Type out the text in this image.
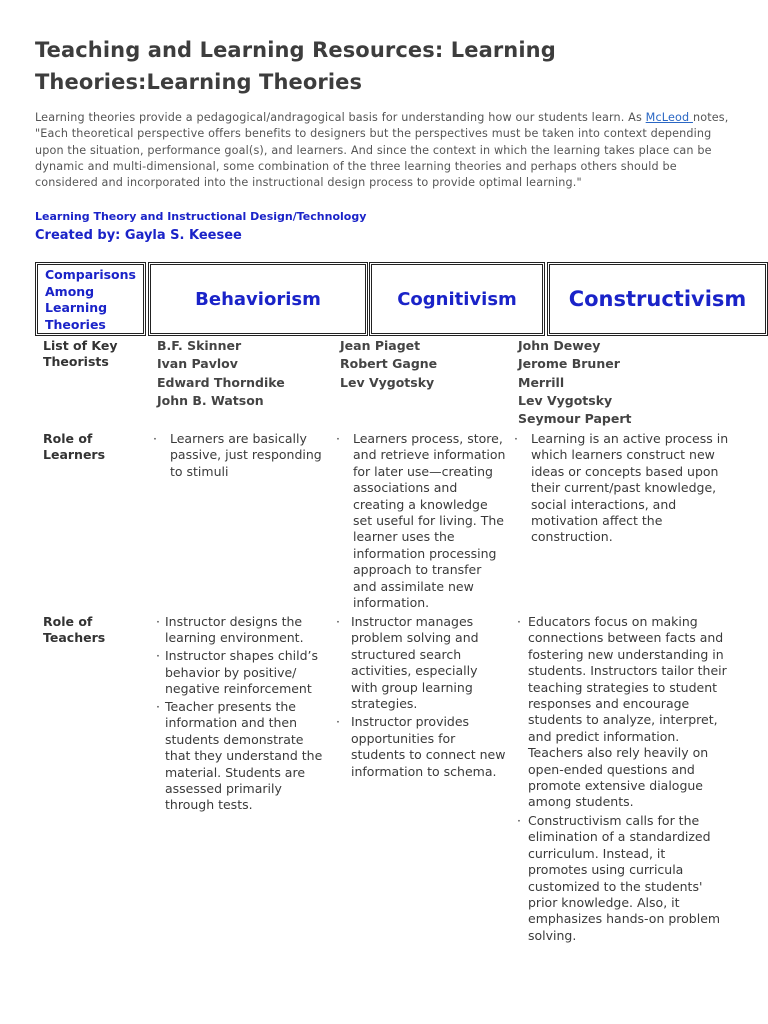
Teaching and Learning Resources: Learning Theories:Learning Theories

Learning theories provide a pedagogical/andragogical basis for understanding how our students learn. As McLeod notes, "Each theoretical perspective offers benefits to designers but the perspectives must be taken into context depending upon the situation, performance goal(s), and learners. And since the context in which the learning takes place can be dynamic and multi-dimensional, some combination of the three learning theories and perhaps others should be considered and incorporated into the instructional design process to provide optimal learning."

Learning Theory and Instructional Design/Technology
Created by: Gayla S. Keesee
Comparisons Among Learning Theories
Behaviorism	Cognitivism	Constructivism
List of Key Theorists
B.F. Skinner
Ivan Pavlov
Edward Thorndike
John B. Watson
Jean Piaget
Robert Gagne
Lev Vygotsky
John Dewey
Jerome Bruner
Merrill
Lev Vygotsky
Seymour Papert
Role of Learners
· Learners are basically passive, just responding to stimuli
· Learners process, store, and retrieve information for later use—creating associations and creating a knowledge set useful for living. The learner uses the information processing approach to transfer and assimilate new information.
· Learning is an active process in which learners construct new ideas or concepts based upon their current/past knowledge, social interactions, and motivation affect the construction.
Role of Teachers
· Instructor designs the learning environment.
· Instructor shapes child’s behavior by positive/ negative reinforcement
· Teacher presents the information and then students demonstrate that they understand the material. Students are assessed primarily through tests.
· Instructor manages problem solving and structured search activities, especially with group learning strategies.
· Instructor provides opportunities for students to connect new information to schema.
· Educators focus on making connections between facts and fostering new understanding in students. Instructors tailor their teaching strategies to student responses and encourage students to analyze, interpret, and predict information. Teachers also rely heavily on open-ended questions and promote extensive dialogue among students.
· Constructivism calls for the elimination of a standardized curriculum. Instead, it promotes using curricula customized to the students' prior knowledge. Also, it emphasizes hands-on problem solving.
